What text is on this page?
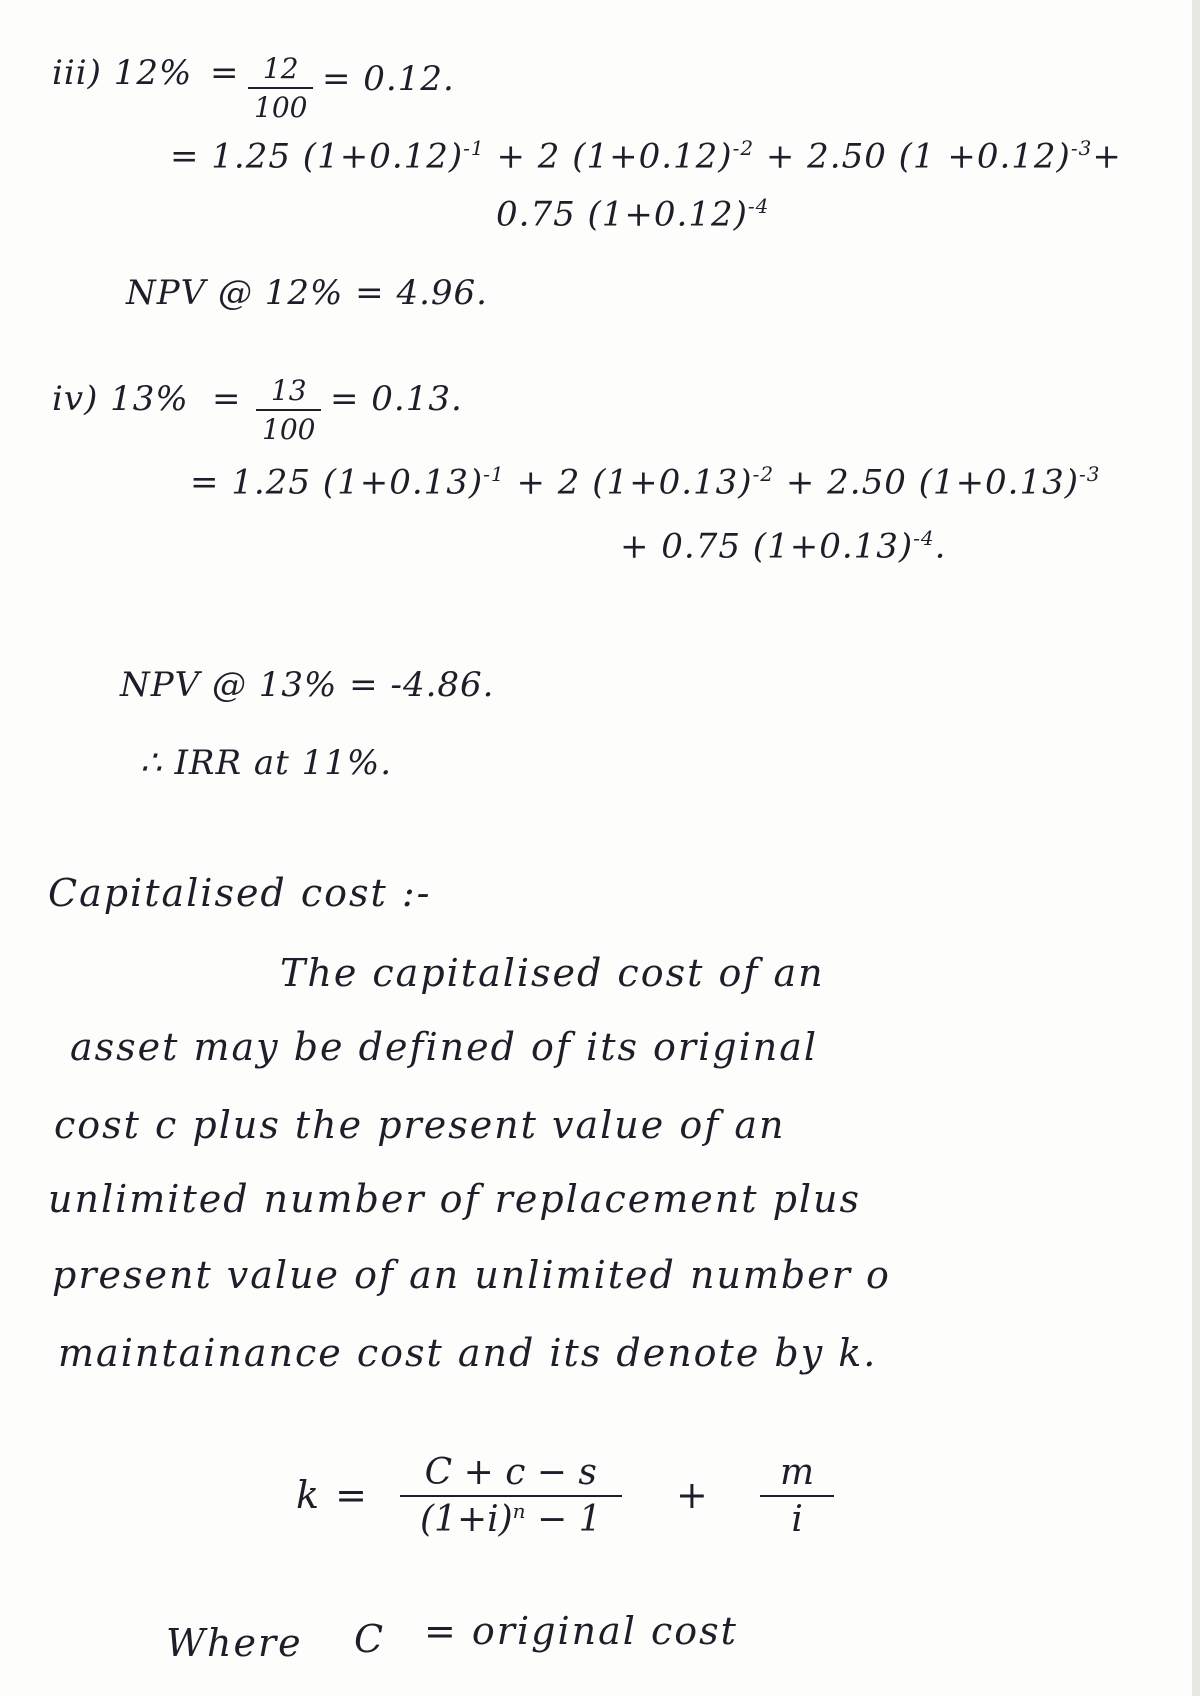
iii) 12% = 12
100
= 0.12.
= 1.25 $(1+0.12)^{-1} + 2$ $(1+0.12)^{-2} + 2.50$ $(1 +0.12)^{-3}+$
0.75 $(1+0.12)^{-4}$
NPV @ 12% = 4.96.
iv) 13% = 13
100
= 0.13.
= 1.25 $(1+0.13)^{-1} + 2$ $(1+0.13)^{-2} + 2.50$ $(1+0.13)^{-3}$
+ 0.75 $(1+0.13)^{-4}$.
NPV @ 13% = -4.86.
∴ IRR at 11%.
Capitalised cost :-
The capitalised cost of an
asset may be defined of its original
cost c plus the present value of an
unlimited number of replacement plus
present value of an unlimited number o
maintainance cost and its denote by k.
k =
C + c − s
$(1+i)^n - 1$
+
m
i
Where C = original cost
